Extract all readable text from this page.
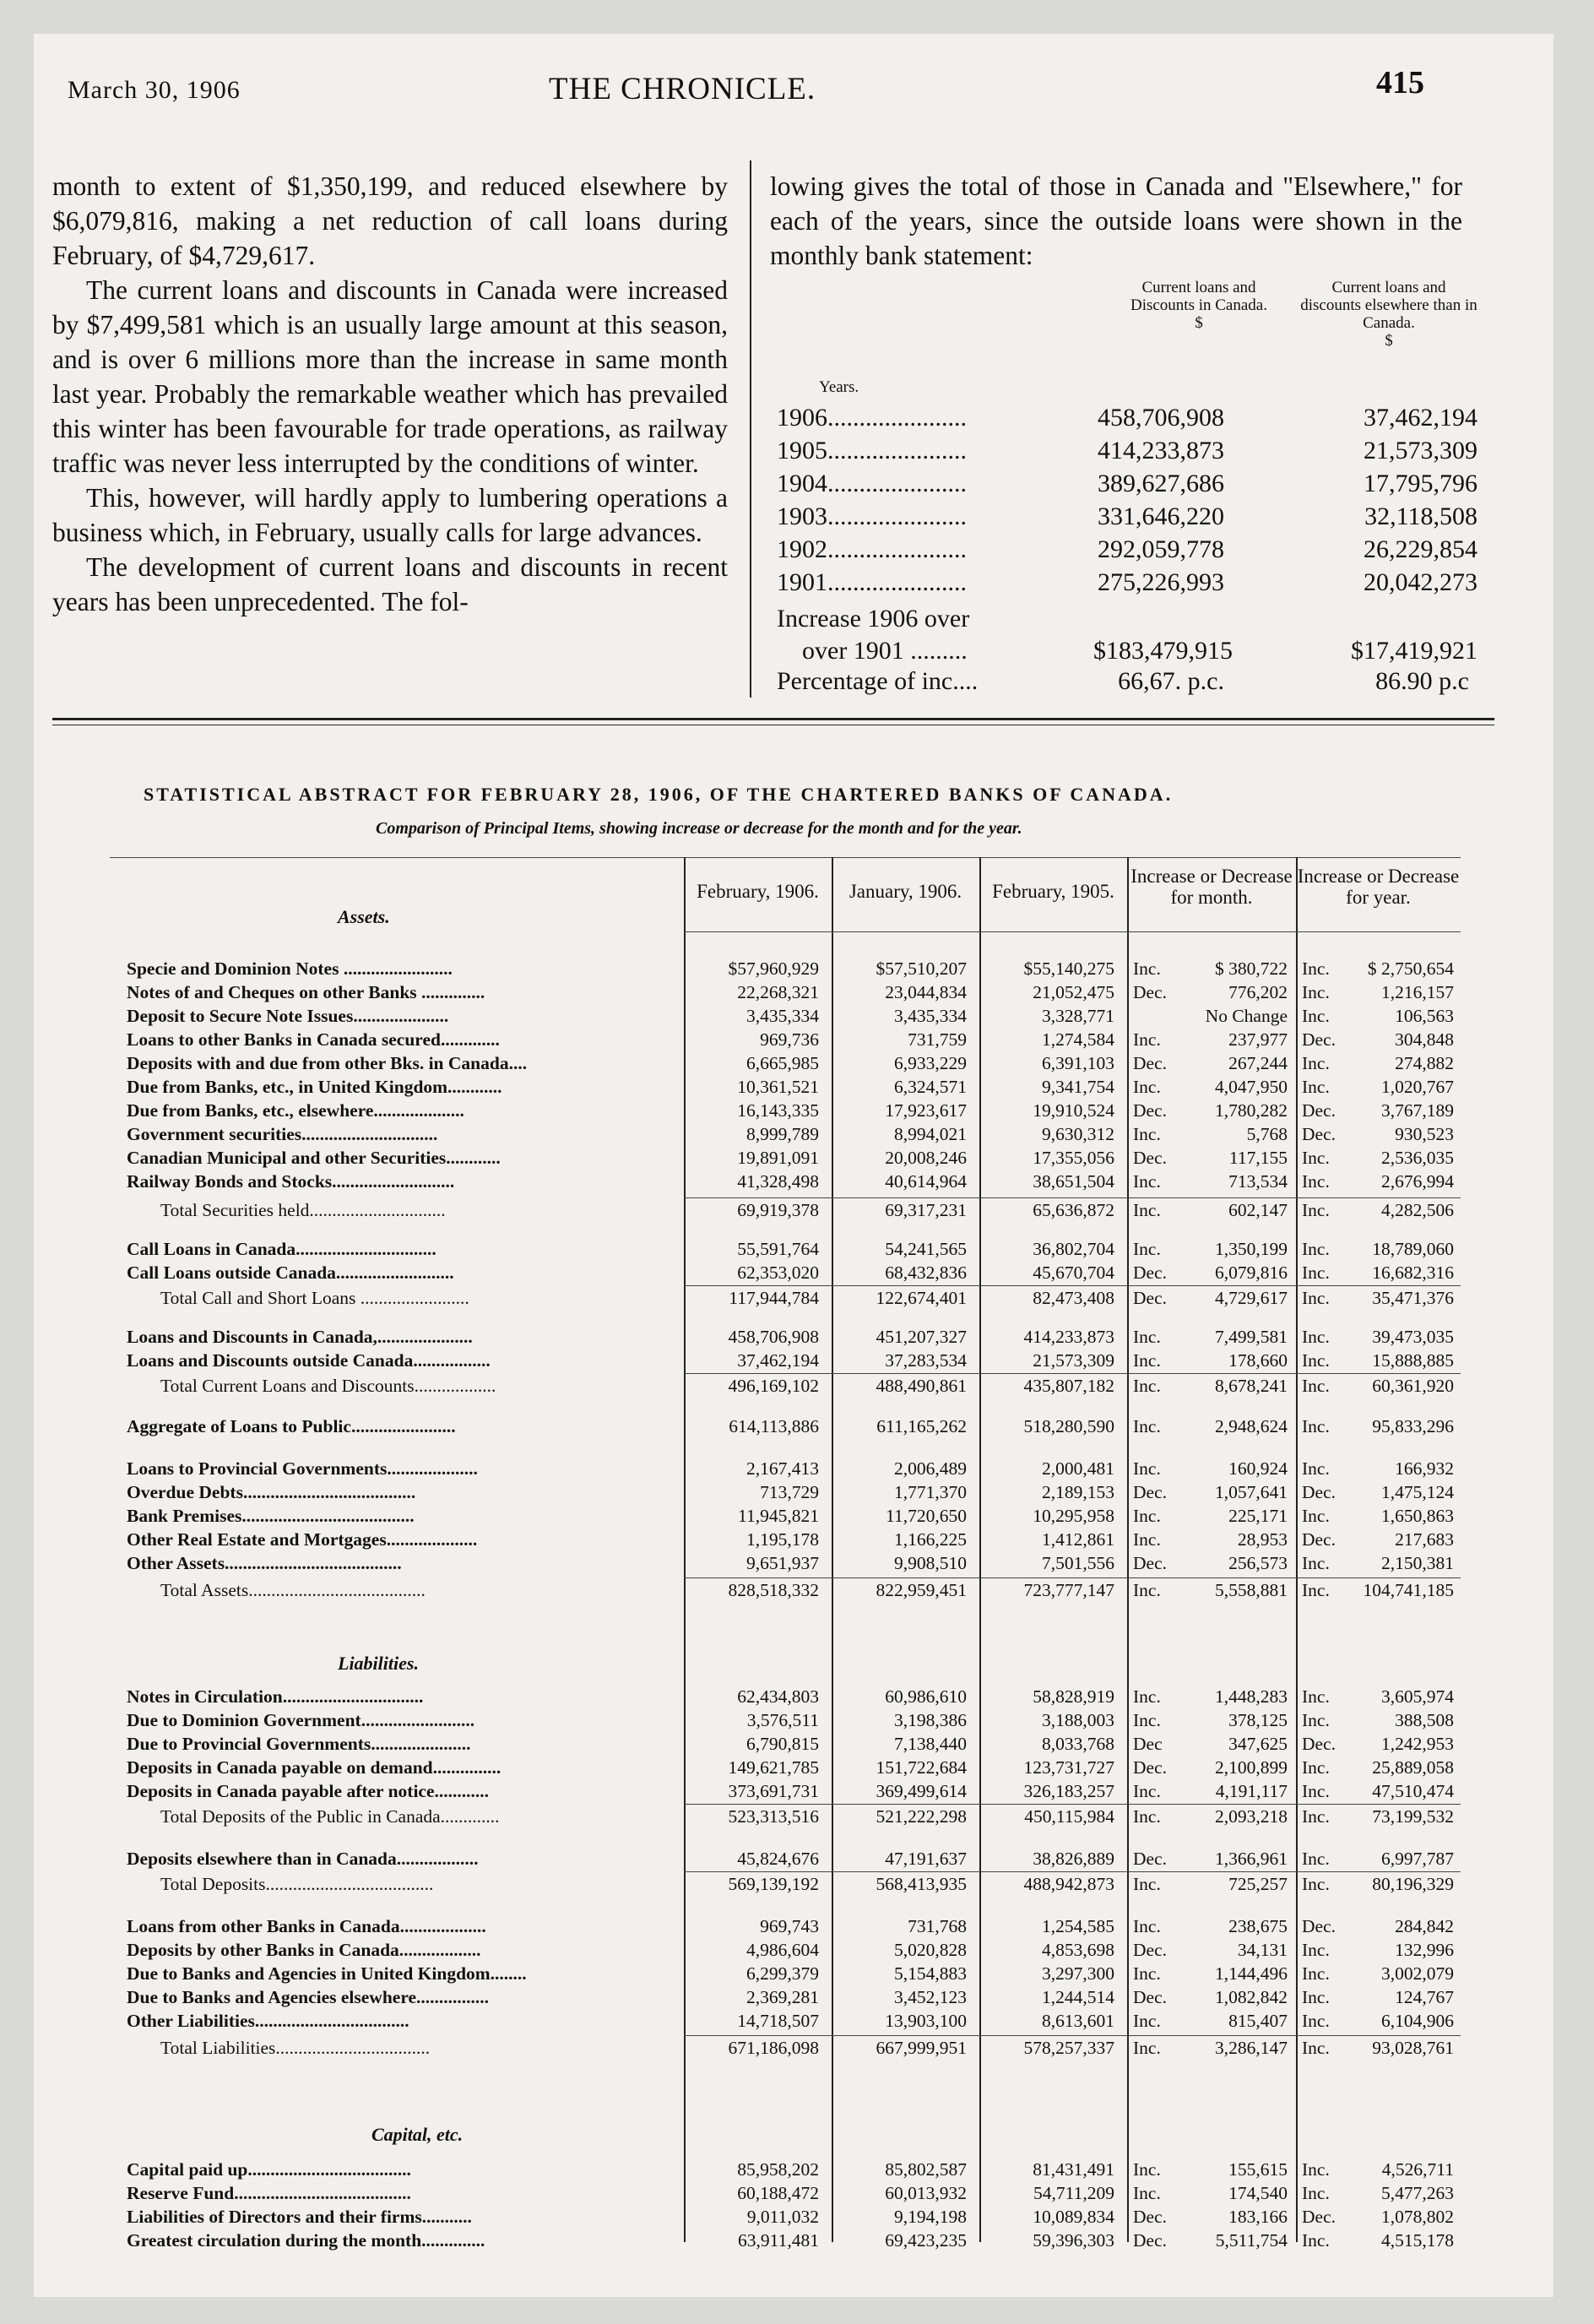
March 30, 1906	THE CHRONICLE.	415

month to extent of $1,350,199, and reduced elsewhere by $6,079,816, making a net reduction of call loans during February, of $4,729,617.

The current loans and discounts in Canada were increased by $7,499,581 which is an usually large amount at this season, and is over 6 millions more than the increase in same month last year. Probably the remarkable weather which has prevailed this winter has been favourable for trade operations, as railway traffic was never less interrupted by the conditions of winter.

This, however, will hardly apply to lumbering operations a business which, in February, usually calls for large advances.

The development of current loans and discounts in recent years has been unprecedented. The fol-

lowing gives the total of those in Canada and "Elsewhere," for each of the years, since the outside loans were shown in the monthly bank statement:

Current loans and Discounts in Canada.
$
Current loans and discounts elsewhere than in Canada.
$
Years.
1906......................	458,706,908	37,462,194
1905......................	414,233,873	21,573,309
1904......................	389,627,686	17,795,796
1903......................	331,646,220	32,118,508
1902......................	292,059,778	26,229,854
1901......................	275,226,993	20,042,273
Increase 1906 over
over 1901 .........	$183,479,915	$17,419,921
Percentage of inc....	66,67. p.c.	86.90 p.c
STATISTICAL ABSTRACT FOR FEBRUARY 28, 1906, OF THE CHARTERED BANKS OF CANADA.
Comparison of Principal Items, showing increase or decrease for the month and for the year.
February, 1906.	January, 1906.	February, 1905.
Increase or Decrease for month.
Increase or Decrease for year.
Assets.
Liabilities.
Capital, etc.
Specie and Dominion Notes ........................	$57,960,929	$57,510,207	$55,140,275 Inc.	$ 380,722 Inc. $ 2,750,654
Notes of and Cheques on other Banks ..............	22,268,321	23,044,834	21,052,475 Dec.	776,202 Inc.	1,216,157
Deposit to Secure Note Issues.....................	3,435,334	3,435,334	3,328,771	No Change Inc.	106,563
Loans to other Banks in Canada secured.............	969,736	731,759	1,274,584 Inc.	237,977 Dec.	304,848
Deposits with and due from other Bks. in Canada....	6,665,985	6,933,229	6,391,103 Dec.	267,244 Inc.	274,882
Due from Banks, etc., in United Kingdom............	10,361,521	6,324,571	9,341,754 Inc.	4,047,950 Inc.	1,020,767
Due from Banks, etc., elsewhere....................	16,143,335	17,923,617	19,910,524 Dec.	1,780,282 Dec.	3,767,189
Government securities..............................	8,999,789	8,994,021	9,630,312 Inc.	5,768 Dec.	930,523
Canadian Municipal and other Securities............	19,891,091	20,008,246	17,355,056 Dec.	117,155 Inc.	2,536,035
Railway Bonds and Stocks...........................	41,328,498	40,614,964	38,651,504 Inc.	713,534 Inc.	2,676,994
Total Securities held..............................	69,919,378	69,317,231	65,636,872 Inc.	602,147 Inc.	4,282,506
Call Loans in Canada...............................	55,591,764	54,241,565	36,802,704 Inc.	1,350,199 Inc. 18,789,060
Call Loans outside Canada..........................	62,353,020	68,432,836	45,670,704 Dec.	6,079,816 Inc. 16,682,316
Total Call and Short Loans ........................	117,944,784	122,674,401	82,473,408 Dec.	4,729,617 Inc. 35,471,376
Loans and Discounts in Canada,.....................	458,706,908	451,207,327	414,233,873 Inc.	7,499,581 Inc. 39,473,035
Loans and Discounts outside Canada.................	37,462,194	37,283,534	21,573,309 Inc.	178,660 Inc. 15,888,885
Total Current Loans and Discounts..................	496,169,102	488,490,861	435,807,182 Inc.	8,678,241 Inc. 60,361,920
Aggregate of Loans to Public.......................	614,113,886	611,165,262	518,280,590 Inc.	2,948,624 Inc. 95,833,296
Loans to Provincial Governments....................	2,167,413	2,006,489	2,000,481 Inc.	160,924 Inc.	166,932
Overdue Debts......................................	713,729	1,771,370	2,189,153 Dec.	1,057,641 Dec.	1,475,124
Bank Premises......................................	11,945,821	11,720,650	10,295,958 Inc.	225,171 Inc.	1,650,863
Other Real Estate and Mortgages....................	1,195,178	1,166,225	1,412,861 Inc.	28,953 Dec.	217,683
Other Assets.......................................	9,651,937	9,908,510	7,501,556 Dec.	256,573 Inc.	2,150,381
Total Assets.......................................	828,518,332	822,959,451	723,777,147 Inc.	5,558,881 Inc. 104,741,185
Notes in Circulation...............................	62,434,803	60,986,610	58,828,919 Inc.	1,448,283 Inc.	3,605,974
Due to Dominion Government.........................	3,576,511	3,198,386	3,188,003 Inc.	378,125 Inc.	388,508
Due to Provincial Governments......................	6,790,815	7,138,440	8,033,768 Dec	347,625 Dec.	1,242,953
Deposits in Canada payable on demand...............	149,621,785	151,722,684	123,731,727 Dec.	2,100,899 Inc. 25,889,058
Deposits in Canada payable after notice............	373,691,731	369,499,614	326,183,257 Inc.	4,191,117 Inc. 47,510,474
Total Deposits of the Public in Canada.............	523,313,516	521,222,298	450,115,984 Inc.	2,093,218 Inc. 73,199,532
Deposits elsewhere than in Canada..................	45,824,676	47,191,637	38,826,889 Dec.	1,366,961 Inc.	6,997,787
Total Deposits.....................................	569,139,192	568,413,935	488,942,873 Inc.	725,257 Inc. 80,196,329
Loans from other Banks in Canada...................	969,743	731,768	1,254,585 Inc.	238,675 Dec.	284,842
Deposits by other Banks in Canada..................	4,986,604	5,020,828	4,853,698 Dec.	34,131 Inc.	132,996
Due to Banks and Agencies in United Kingdom........	6,299,379	5,154,883	3,297,300 Inc.	1,144,496 Inc.	3,002,079
Due to Banks and Agencies elsewhere................	2,369,281	3,452,123	1,244,514 Dec.	1,082,842 Inc.	124,767
Other Liabilities..................................	14,718,507	13,903,100	8,613,601 Inc.	815,407 Inc.	6,104,906
Total Liabilities..................................	671,186,098	667,999,951	578,257,337 Inc.	3,286,147 Inc. 93,028,761
Capital paid up....................................	85,958,202	85,802,587	81,431,491 Inc.	155,615 Inc.	4,526,711
Reserve Fund.......................................	60,188,472	60,013,932	54,711,209 Inc.	174,540 Inc.	5,477,263
Liabilities of Directors and their firms...........	9,011,032	9,194,198	10,089,834 Dec.	183,166 Dec.	1,078,802
Greatest circulation during the month..............	63,911,481	69,423,235	59,396,303 Dec.	5,511,754 Inc.	4,515,178
